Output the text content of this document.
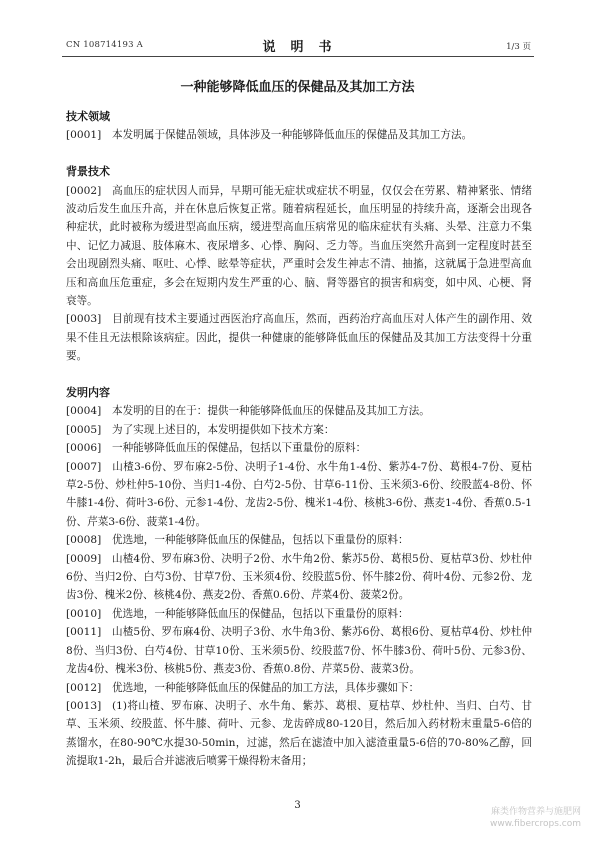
CN 108714193 A	说　明　书	1/3 页
一种能够降低血压的保健品及其加工方法
技术领域

[0001] 本发明属于保健品领域，具体涉及一种能够降低血压的保健品及其加工方法。

背景技术

[0002] 高血压的症状因人而异，早期可能无症状或症状不明显，仅仅会在劳累、精神紧张、情绪波动后发生血压升高，并在休息后恢复正常。随着病程延长，血压明显的持续升高，逐渐会出现各种症状，此时被称为缓进型高血压病，缓进型高血压病常见的临床症状有头痛、头晕、注意力不集中、记忆力减退、肢体麻木、夜尿增多、心悸、胸闷、乏力等。当血压突然升高到一定程度时甚至会出现剧烈头痛、呕吐、心悸、眩晕等症状，严重时会发生神志不清、抽搐，这就属于急进型高血压和高血压危重症，多会在短期内发生严重的心、脑、肾等器官的损害和病变，如中风、心梗、肾衰等。

[0003] 目前现有技术主要通过西医治疗高血压，然而，西药治疗高血压对人体产生的副作用、效果不佳且无法根除该病症。因此，提供一种健康的能够降低血压的保健品及其加工方法变得十分重要。

发明内容

[0004] 本发明的目的在于：提供一种能够降低血压的保健品及其加工方法。

[0005] 为了实现上述目的，本发明提供如下技术方案：

[0006] 一种能够降低血压的保健品，包括以下重量份的原料：

[0007] 山楂3-6份、罗布麻2-5份、决明子1-4份、水牛角1-4份、紫苏4-7份、葛根4-7份、夏枯草2-5份、炒杜仲5-10份、当归1-4份、白芍2-5份、甘草6-11份、玉米须3-6份、绞股蓝4-8份、怀牛膝1-4份、荷叶3-6份、元参1-4份、龙齿2-5份、槐米1-4份、核桃3-6份、燕麦1-4份、香蕉0.5-1份、芹菜3-6份、菠菜1-4份。

[0008] 优选地，一种能够降低血压的保健品，包括以下重量份的原料：

[0009] 山楂4份、罗布麻3份、决明子2份、水牛角2份、紫苏5份、葛根5份、夏枯草3份、炒杜仲6份、当归2份、白芍3份、甘草7份、玉米须4份、绞股蓝5份、怀牛膝2份、荷叶4份、元参2份、龙齿3份、槐米2份、核桃4份、燕麦2份、香蕉0.6份、芹菜4份、菠菜2份。

[0010] 优选地，一种能够降低血压的保健品，包括以下重量份的原料：

[0011] 山楂5份、罗布麻4份、决明子3份、水牛角3份、紫苏6份、葛根6份、夏枯草4份、炒杜仲8份、当归3份、白芍4份、甘草10份、玉米须5份、绞股蓝7份、怀牛膝3份、荷叶5份、元参3份、龙齿4份、槐米3份、核桃5份、燕麦3份、香蕉0.8份、芹菜5份、菠菜3份。

[0012] 优选地，一种能够降低血压的保健品的加工方法，具体步骤如下：

[0013] (1)将山楂、罗布麻、决明子、水牛角、紫苏、葛根、夏枯草、炒杜仲、当归、白芍、甘草、玉米须、绞股蓝、怀牛膝、荷叶、元参、龙齿碎成80-120目，然后加入药材粉末重量5-6倍的蒸馏水，在80-90℃水提30-50min，过滤，然后在滤渣中加入滤渣重量5-6倍的70-80%乙醇，回流提取1-2h，最后合并滤液后喷雾干燥得粉末备用；

3
麻类作物营养与施肥网
www.fibercrops.com
